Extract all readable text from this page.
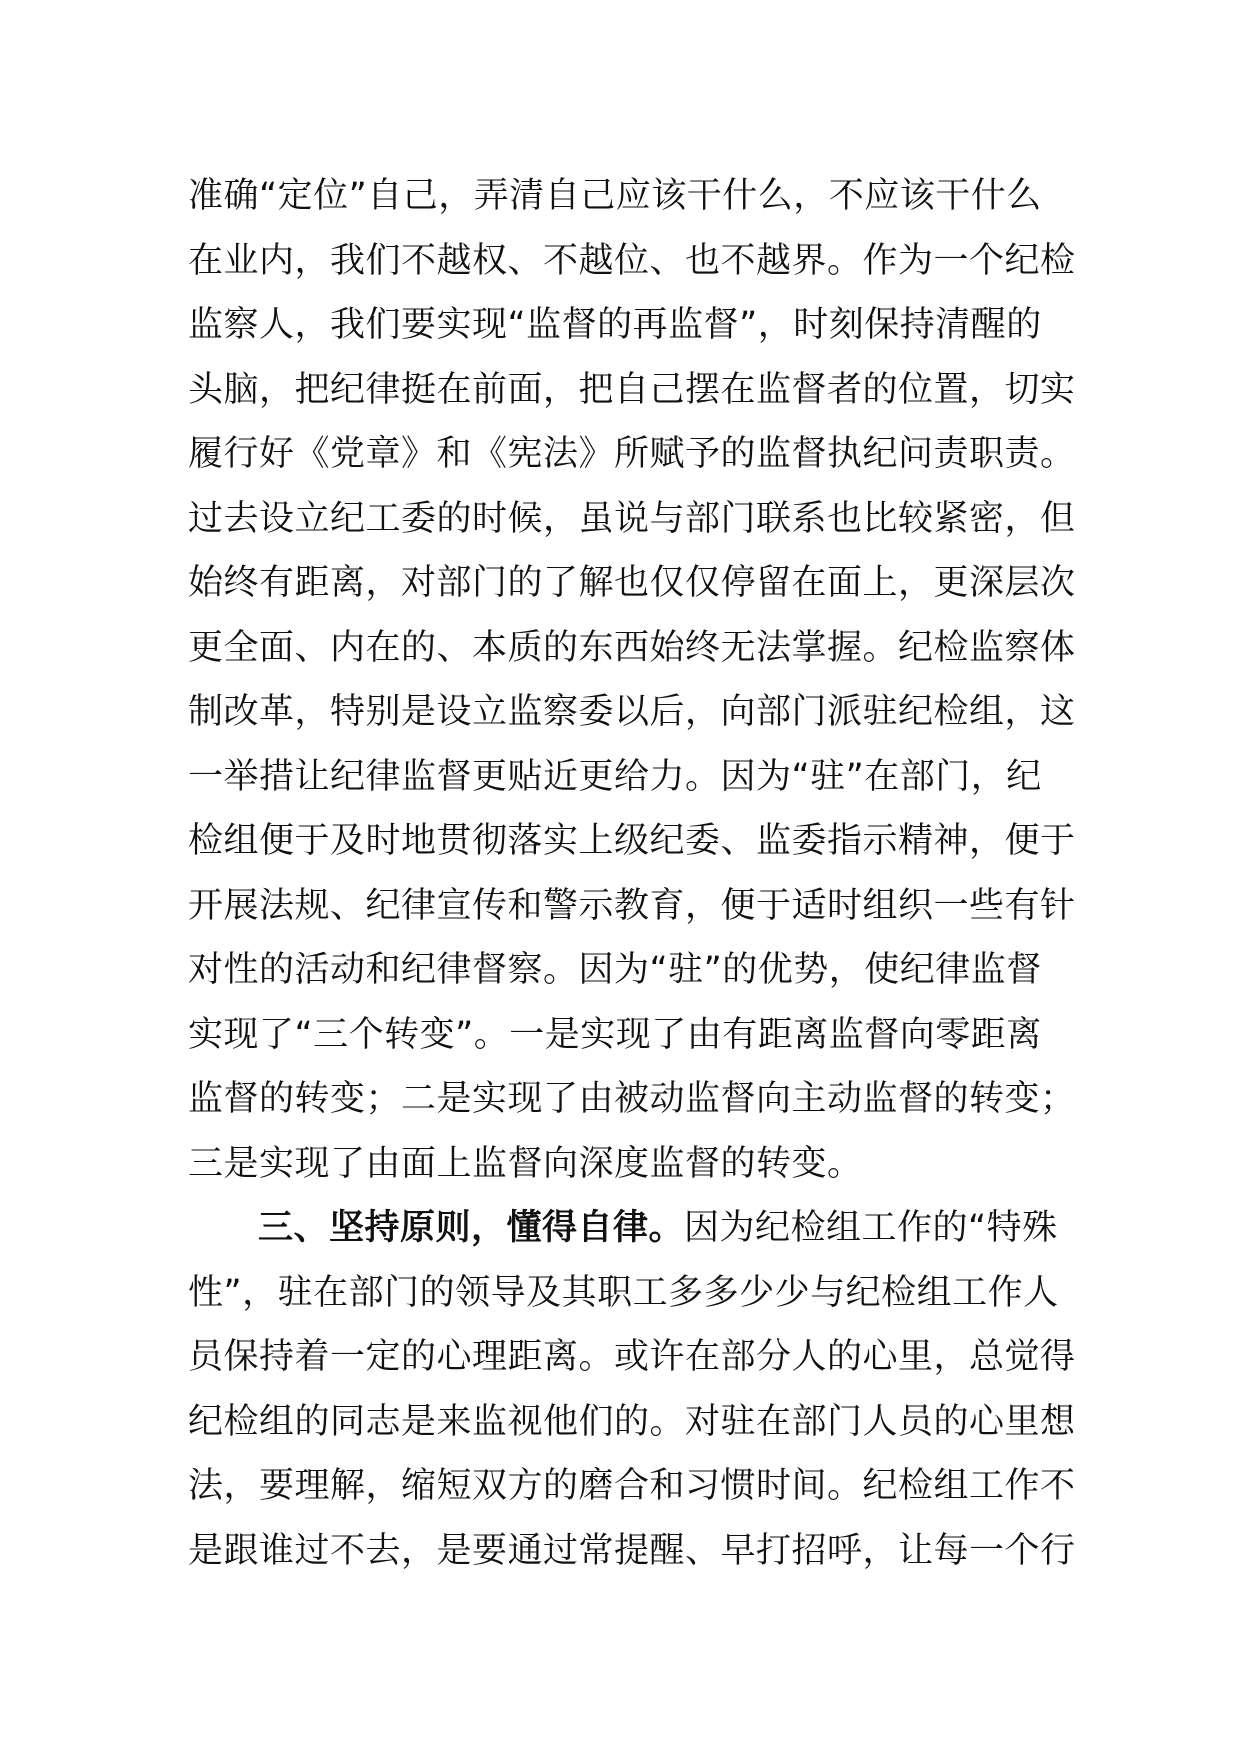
准确“定位”自己，弄清自己应该干什么，不应该干什么
在业内，我们不越权、不越位、也不越界。作为一个纪检
监察人，我们要实现“监督的再监督”，时刻保持清醒的
头脑，把纪律挺在前面，把自己摆在监督者的位置，切实
履行好《党章》和《宪法》所赋予的监督执纪问责职责。
过去设立纪工委的时候，虽说与部门联系也比较紧密，但
始终有距离，对部门的了解也仅仅停留在面上，更深层次
更全面、内在的、本质的东西始终无法掌握。纪检监察体
制改革，特别是设立监察委以后，向部门派驻纪检组，这
一举措让纪律监督更贴近更给力。因为“驻”在部门，纪
检组便于及时地贯彻落实上级纪委、监委指示精神，便于
开展法规、纪律宣传和警示教育，便于适时组织一些有针
对性的活动和纪律督察。因为“驻”的优势，使纪律监督
实现了“三个转变”。一是实现了由有距离监督向零距离
监督的转变；二是实现了由被动监督向主动监督的转变；
三是实现了由面上监督向深度监督的转变。
三、坚持原则，懂得自律。因为纪检组工作的“特殊
性”，驻在部门的领导及其职工多多少少与纪检组工作人
员保持着一定的心理距离。或许在部分人的心里，总觉得
纪检组的同志是来监视他们的。对驻在部门人员的心里想
法，要理解，缩短双方的磨合和习惯时间。纪检组工作不
是跟谁过不去，是要通过常提醒、早打招呼，让每一个行
